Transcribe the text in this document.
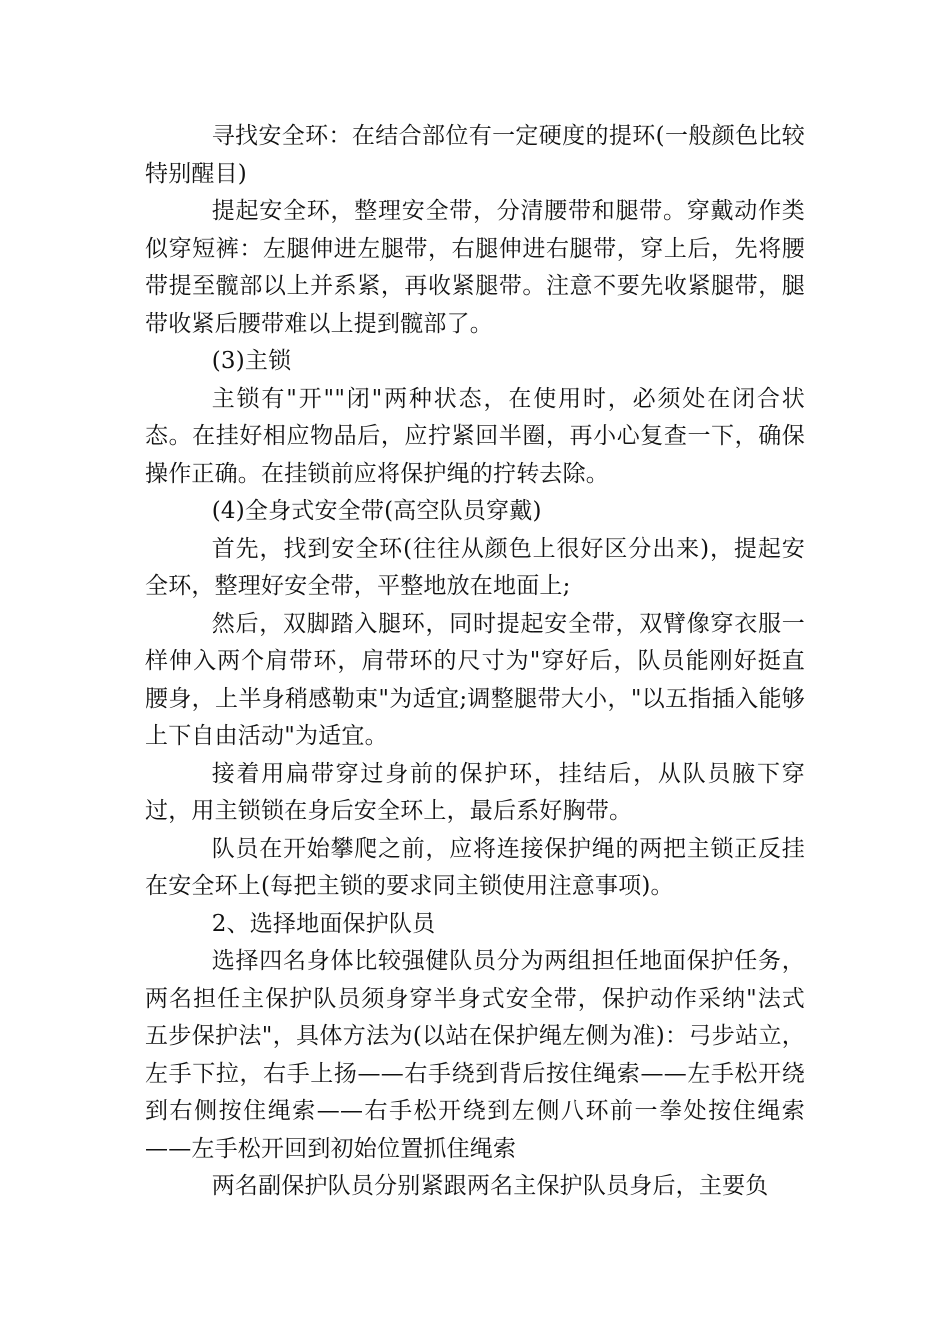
寻找安全环：在结合部位有一定硬度的提环(一般颜色比较特别醒目)

提起安全环，整理安全带，分清腰带和腿带。穿戴动作类似穿短裤：左腿伸进左腿带，右腿伸进右腿带，穿上后，先将腰带提至髋部以上并系紧，再收紧腿带。注意不要先收紧腿带，腿带收紧后腰带难以上提到髋部了。

(3)主锁

主锁有"开""闭"两种状态，在使用时，必须处在闭合状态。在挂好相应物品后，应拧紧回半圈，再小心复查一下，确保操作正确。在挂锁前应将保护绳的拧转去除。

(4)全身式安全带(高空队员穿戴)

首先，找到安全环(往往从颜色上很好区分出来)，提起安全环，整理好安全带，平整地放在地面上;

然后，双脚踏入腿环，同时提起安全带，双臂像穿衣服一样伸入两个肩带环，肩带环的尺寸为"穿好后，队员能刚好挺直腰身，上半身稍感勒束"为适宜;调整腿带大小，"以五指插入能够上下自由活动"为适宜。

接着用扁带穿过身前的保护环，挂结后，从队员腋下穿过，用主锁锁在身后安全环上，最后系好胸带。

队员在开始攀爬之前，应将连接保护绳的两把主锁正反挂在安全环上(每把主锁的要求同主锁使用注意事项)。

2、选择地面保护队员

选择四名身体比较强健队员分为两组担任地面保护任务，两名担任主保护队员须身穿半身式安全带，保护动作采纳"法式五步保护法"，具体方法为(以站在保护绳左侧为准)：弓步站立，左手下拉，右手上扬——右手绕到背后按住绳索——左手松开绕到右侧按住绳索——右手松开绕到左侧八环前一拳处按住绳索——左手松开回到初始位置抓住绳索

两名副保护队员分别紧跟两名主保护队员身后，主要负
